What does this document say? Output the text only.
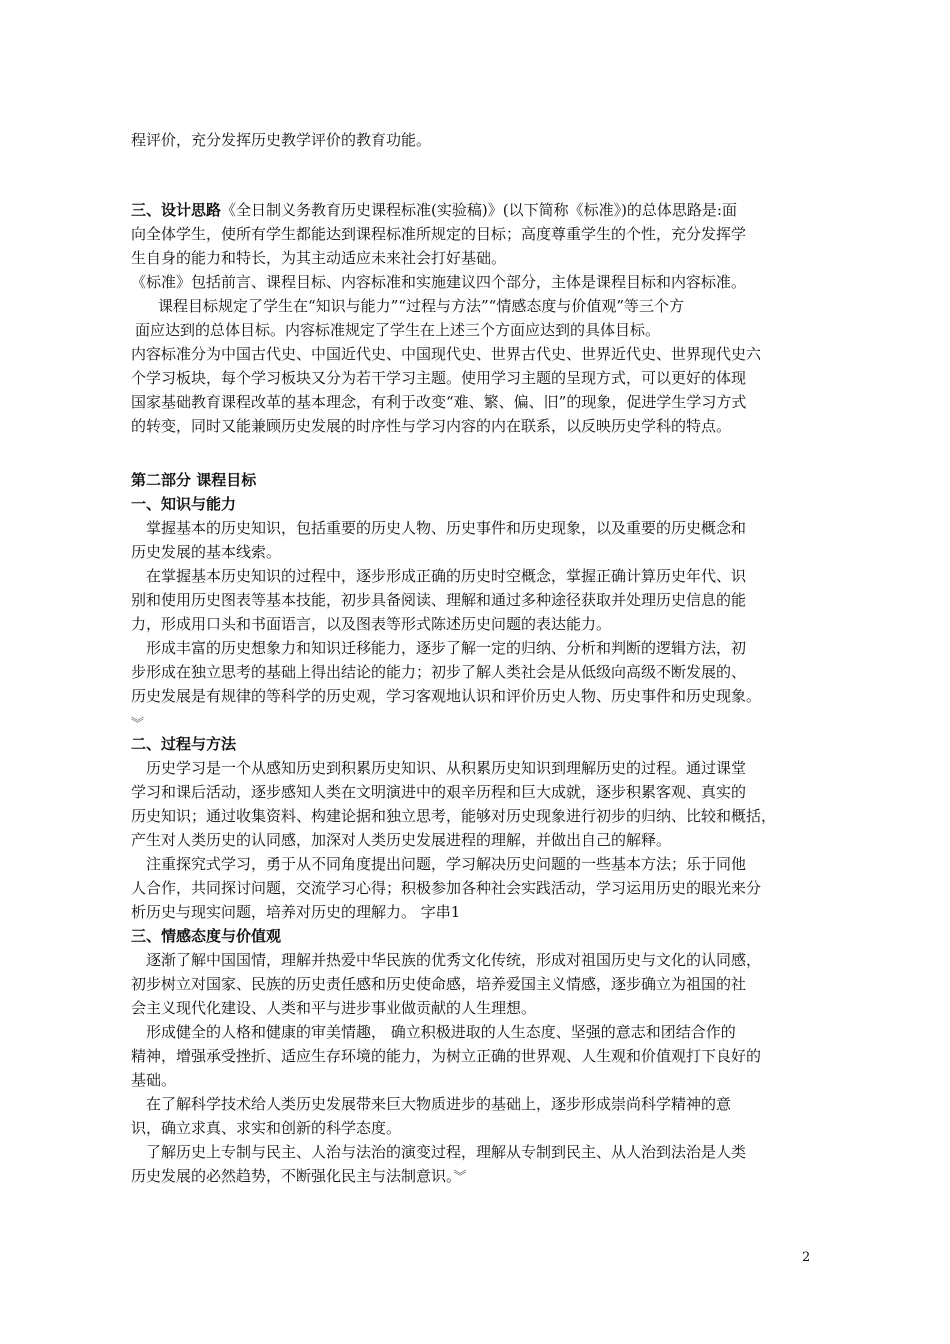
程评价，充分发挥历史教学评价的教育功能。
三、设计思路《全日制义务教育历史课程标准(实验稿)》(以下简称《标准》)的总体思路是:面
向全体学生，使所有学生都能达到课程标准所规定的目标；高度尊重学生的个性，充分发挥学
生自身的能力和特长，为其主动适应未来社会打好基础。
《标准》包括前言、课程目标、内容标准和实施建议四个部分，主体是课程目标和内容标准。
课程目标规定了学生在“知识与能力”“过程与方法”“情感态度与价值观”等三个方
面应达到的总体目标。内容标准规定了学生在上述三个方面应达到的具体目标。
内容标准分为中国古代史、中国近代史、中国现代史、世界古代史、世界近代史、世界现代史六
个学习板块，每个学习板块又分为若干学习主题。使用学习主题的呈现方式，可以更好的体现
国家基础教育课程改革的基本理念，有利于改变“难、繁、偏、旧”的现象，促进学生学习方式
的转变，同时又能兼顾历史发展的时序性与学习内容的内在联系，以反映历史学科的特点。
第二部分 课程目标
一、知识与能力
掌握基本的历史知识，包括重要的历史人物、历史事件和历史现象，以及重要的历史概念和
历史发展的基本线索。
在掌握基本历史知识的过程中，逐步形成正确的历史时空概念，掌握正确计算历史年代、识
别和使用历史图表等基本技能，初步具备阅读、理解和通过多种途径获取并处理历史信息的能
力，形成用口头和书面语言，以及图表等形式陈述历史问题的表达能力。
形成丰富的历史想象力和知识迁移能力，逐步了解一定的归纳、分析和判断的逻辑方法，初
步形成在独立思考的基础上得出结论的能力；初步了解人类社会是从低级向高级不断发展的、
历史发展是有规律的等科学的历史观，学习客观地认识和评价历史人物、历史事件和历史现象。
︾
二、过程与方法
历史学习是一个从感知历史到积累历史知识、从积累历史知识到理解历史的过程。通过课堂
学习和课后活动，逐步感知人类在文明演进中的艰辛历程和巨大成就，逐步积累客观、真实的
历史知识；通过收集资料、构建论据和独立思考，能够对历史现象进行初步的归纳、比较和概括，
产生对人类历史的认同感，加深对人类历史发展进程的理解，并做出自己的解释。
注重探究式学习，勇于从不同角度提出问题，学习解决历史问题的一些基本方法；乐于同他
人合作，共同探讨问题，交流学习心得；积极参加各种社会实践活动，学习运用历史的眼光来分
析历史与现实问题，培养对历史的理解力。 字串1
三、情感态度与价值观
逐渐了解中国国情，理解并热爱中华民族的优秀文化传统，形成对祖国历史与文化的认同感，
初步树立对国家、民族的历史责任感和历史使命感，培养爱国主义情感，逐步确立为祖国的社
会主义现代化建设、人类和平与进步事业做贡献的人生理想。
形成健全的人格和健康的审美情趣， 确立积极进取的人生态度、坚强的意志和团结合作的
精神，增强承受挫折、适应生存环境的能力，为树立正确的世界观、人生观和价值观打下良好的
基础。
在了解科学技术给人类历史发展带来巨大物质进步的基础上，逐步形成崇尚科学精神的意
识，确立求真、求实和创新的科学态度。
了解历史上专制与民主、人治与法治的演变过程，理解从专制到民主、从人治到法治是人类
历史发展的必然趋势，不断强化民主与法制意识。︾
2
